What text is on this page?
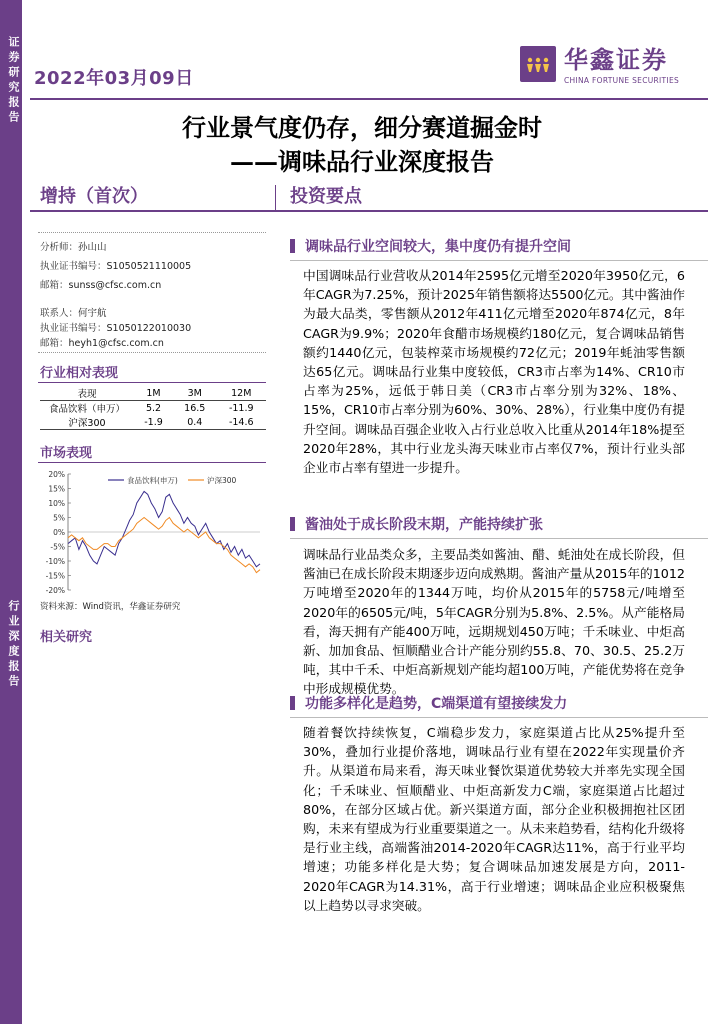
证券研究报告
行业深度报告
2022年03月09日
华鑫证券
CHINA FORTUNE SECURITIES
行业景气度仍存，细分赛道掘金时
——调味品行业深度报告
增持（首次）	投资要点
分析师：孙山山
执业证书编号：S1050521110005
邮箱：sunss@cfsc.com.cn
联系人：何宇航
执业证书编号：S1050122010030
邮箱：heyh1@cfsc.com.cn
行业相对表现
表现	1M	3M	12M
食品饮料（申万）	5.2	16.5	-11.9
沪深300	-1.9	0.4	-14.6
市场表现
20%
15%
10%
5%
0%
-5%
-10%
-15%
-20%
食品饮料(申万)	沪深300
资料来源：Wind资讯，华鑫证券研究
相关研究
调味品行业空间较大，集中度仍有提升空间
中国调味品行业营收从2014年2595亿元增至2020年3950亿元，6年CAGR为7.25%，预计2025年销售额将达5500亿元。其中酱油作为最大品类，零售额从2012年411亿元增至2020年874亿元，8年CAGR为9.9%；2020年食醋市场规模约180亿元，复合调味品销售额约1440亿元，包装榨菜市场规模约72亿元；2019年蚝油零售额达65亿元。调味品行业集中度较低，CR3市占率为14%、CR10市占率为25%，远低于韩日美（CR3市占率分别为32%、18%、15%，CR10市占率分别为60%、30%、28%），行业集中度仍有提升空间。调味品百强企业收入占行业总收入比重从2014年18%提至2020年28%，其中行业龙头海天味业市占率仅7%，预计行业头部企业市占率有望进一步提升。
酱油处于成长阶段末期，产能持续扩张
调味品行业品类众多，主要品类如酱油、醋、蚝油处在成长阶段，但酱油已在成长阶段末期逐步迈向成熟期。酱油产量从2015年的1012万吨增至2020年的1344万吨，均价从2015年的5758元/吨增至2020年的6505元/吨，5年CAGR分别为5.8%、2.5%。从产能格局看，海天拥有产能400万吨，远期规划450万吨；千禾味业、中炬高新、加加食品、恒顺醋业合计产能分别约55.8、70、30.5、25.2万吨，其中千禾、中炬高新规划产能均超100万吨，产能优势将在竞争中形成规模优势。
功能多样化是趋势，C端渠道有望接续发力
随着餐饮持续恢复，C端稳步发力，家庭渠道占比从25%提升至30%，叠加行业提价落地，调味品行业有望在2022年实现量价齐升。从渠道布局来看，海天味业餐饮渠道优势较大并率先实现全国化；千禾味业、恒顺醋业、中炬高新发力C端，家庭渠道占比超过80%，在部分区域占优。新兴渠道方面，部分企业积极拥抱社区团购，未来有望成为行业重要渠道之一。从未来趋势看，结构化升级将是行业主线，高端酱油2014-2020年CAGR达11%，高于行业平均增速；功能多样化是大势；复合调味品加速发展是方向，2011-2020年CAGR为14.31%，高于行业增速；调味品企业应积极聚焦以上趋势以寻求突破。
